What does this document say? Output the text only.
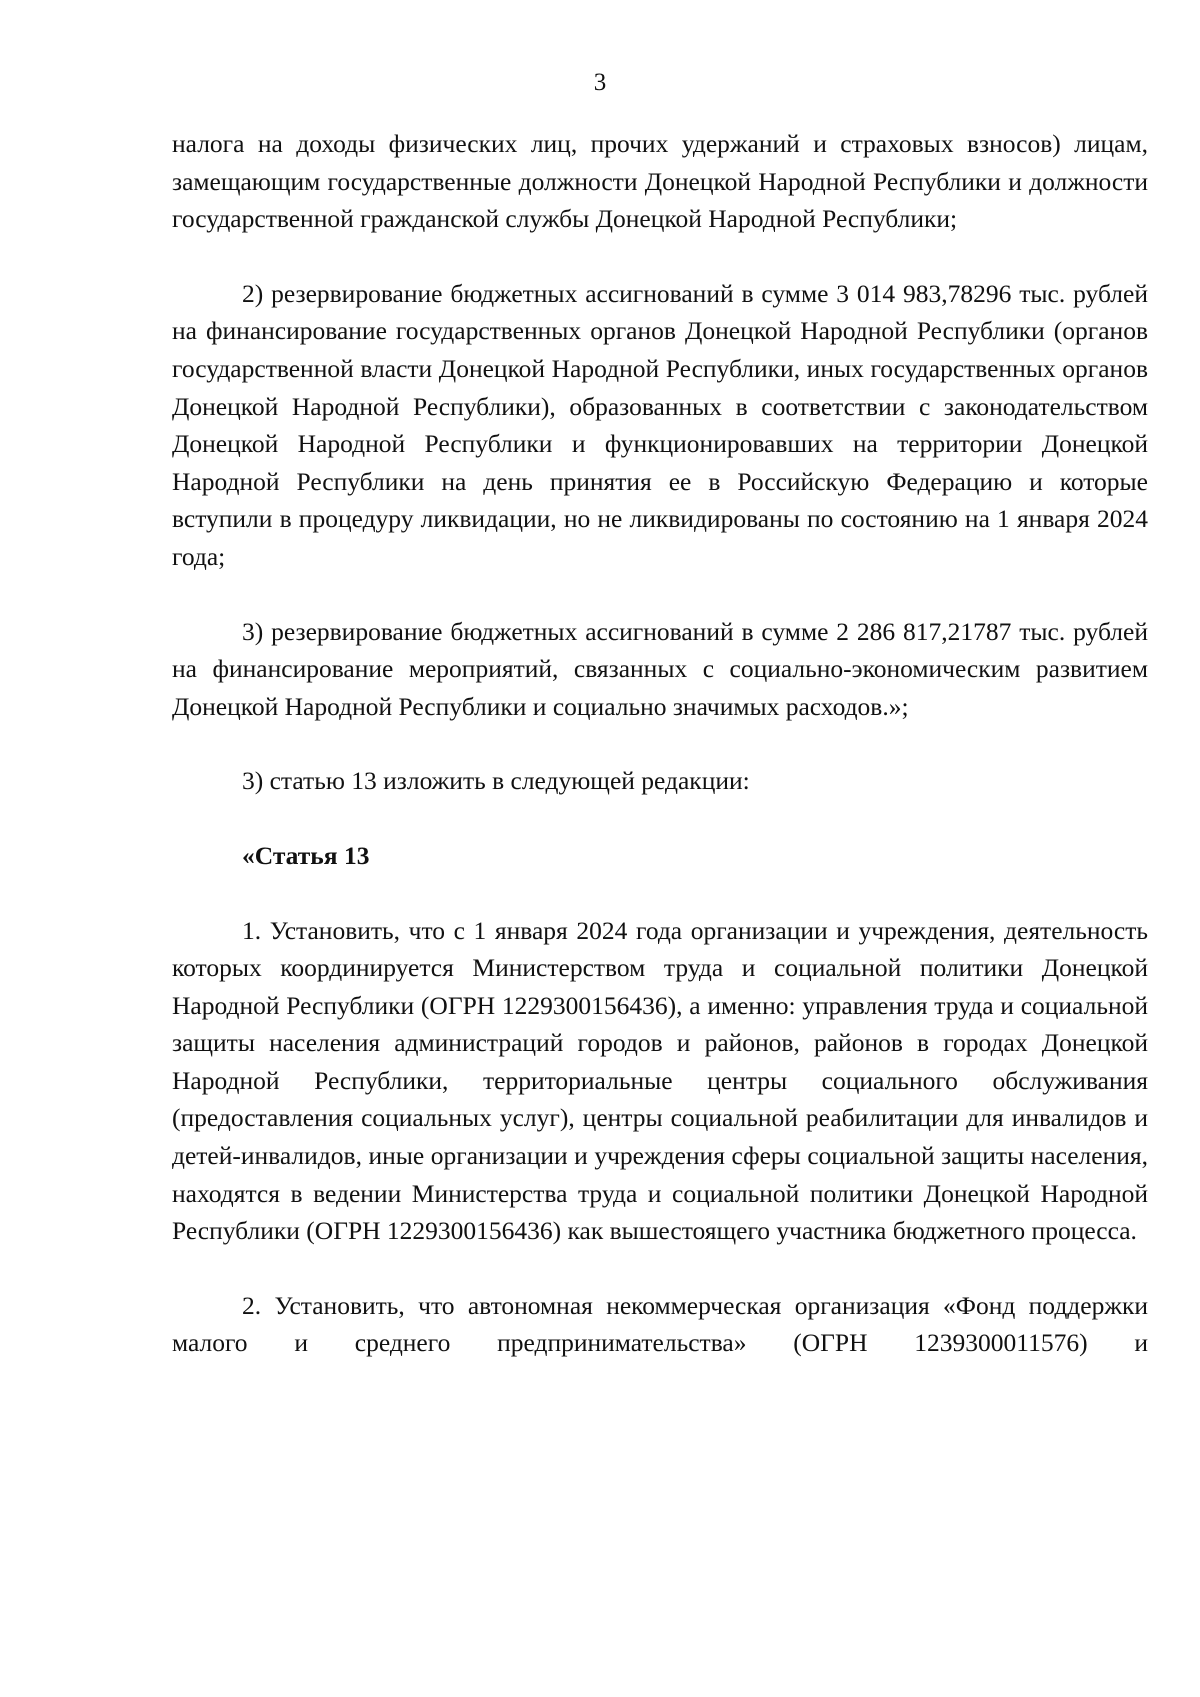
3

налога на доходы физических лиц, прочих удержаний и страховых взносов) лицам, замещающим государственные должности Донецкой Народной Республики и должности государственной гражданской службы Донецкой Народной Республики;

2) резервирование бюджетных ассигнований в сумме 3 014 983,78296 тыс. рублей на финансирование государственных органов Донецкой Народной Республики (органов государственной власти Донецкой Народной Республики, иных государственных органов Донецкой Народной Республики), образованных в соответствии с законодательством Донецкой Народной Республики и функционировавших на территории Донецкой Народной Республики на день принятия ее в Российскую Федерацию и которые вступили в процедуру ликвидации, но не ликвидированы по состоянию на 1 января 2024 года;

3) резервирование бюджетных ассигнований в сумме 2 286 817,21787 тыс. рублей на финансирование мероприятий, связанных с социально-экономическим развитием Донецкой Народной Республики и социально значимых расходов.»;

3) статью 13 изложить в следующей редакции:

«Статья 13

1. Установить, что с 1 января 2024 года организации и учреждения, деятельность которых координируется Министерством труда и социальной политики Донецкой Народной Республики (ОГРН 1229300156436), а именно: управления труда и социальной защиты населения администраций городов и районов, районов в городах Донецкой Народной Республики, территориальные центры социального обслуживания (предоставления социальных услуг), центры социальной реабилитации для инвалидов и детей-инвалидов, иные организации и учреждения сферы социальной защиты населения, находятся в ведении Министерства труда и социальной политики Донецкой Народной Республики (ОГРН 1229300156436) как вышестоящего участника бюджетного процесса.

2. Установить, что автономная некоммерческая организация «Фонд поддержки малого и среднего предпринимательства» (ОГРН 1239300011576) и
